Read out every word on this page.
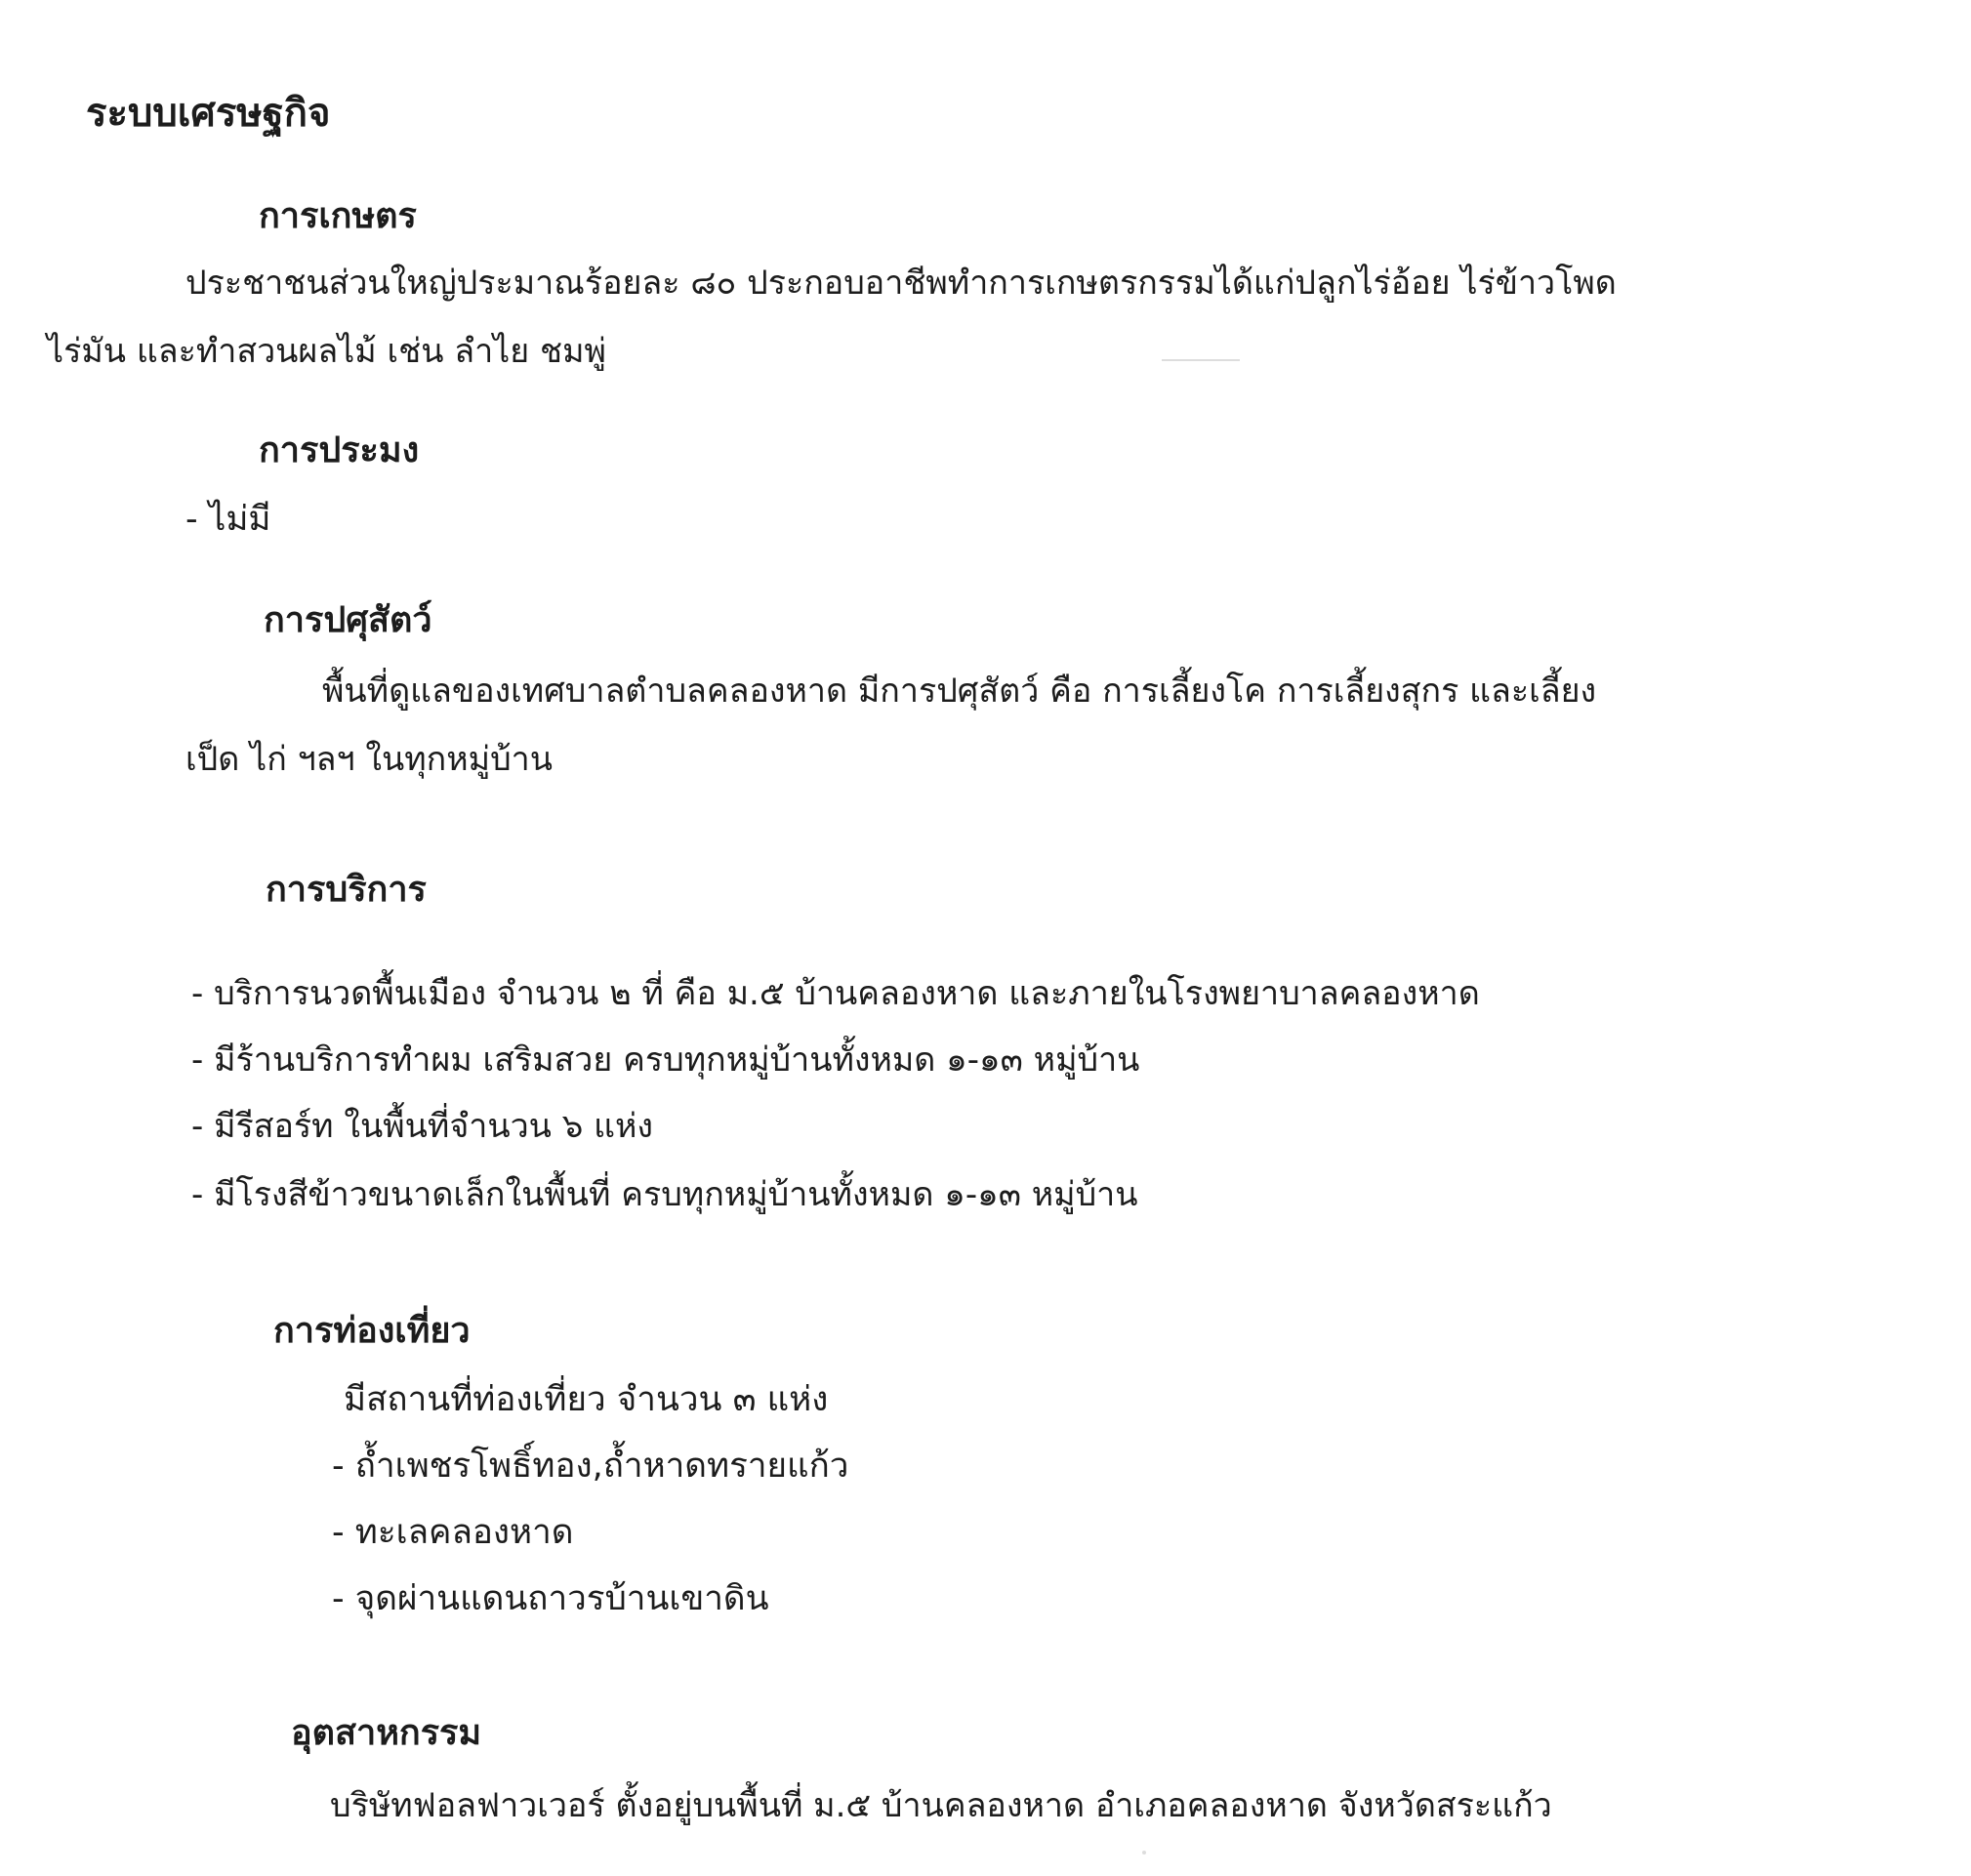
ระบบเศรษฐกิจ
การเกษตร
ประชาชนส่วนใหญ่ประมาณร้อยละ ๘๐ ประกอบอาชีพทำการเกษตรกรรมได้แก่ปลูกไร่อ้อย ไร่ข้าวโพด
ไร่มัน และทำสวนผลไม้ เช่น ลำไย ชมพู่
การประมง
- ไม่มี
การปศุสัตว์
พื้นที่ดูแลของเทศบาลตำบลคลองหาด มีการปศุสัตว์ คือ การเลี้ยงโค การเลี้ยงสุกร และเลี้ยง
เป็ด ไก่ ฯลฯ ในทุกหมู่บ้าน
การบริการ
- บริการนวดพื้นเมือง จำนวน ๒ ที่ คือ ม.๕ บ้านคลองหาด และภายในโรงพยาบาลคลองหาด
- มีร้านบริการทำผม เสริมสวย ครบทุกหมู่บ้านทั้งหมด ๑-๑๓ หมู่บ้าน
- มีรีสอร์ท ในพื้นที่จำนวน ๖ แห่ง
- มีโรงสีข้าวขนาดเล็กในพื้นที่ ครบทุกหมู่บ้านทั้งหมด ๑-๑๓ หมู่บ้าน
การท่องเที่ยว
มีสถานที่ท่องเที่ยว จำนวน ๓ แห่ง
- ถ้ำเพชรโพธิ์ทอง,ถ้ำหาดทรายแก้ว
- ทะเลคลองหาด
- จุดผ่านแดนถาวรบ้านเขาดิน
อุตสาหกรรม
บริษัทฟอลฟาวเวอร์ ตั้งอยู่บนพื้นที่ ม.๕ บ้านคลองหาด อำเภอคลองหาด จังหวัดสระแก้ว
